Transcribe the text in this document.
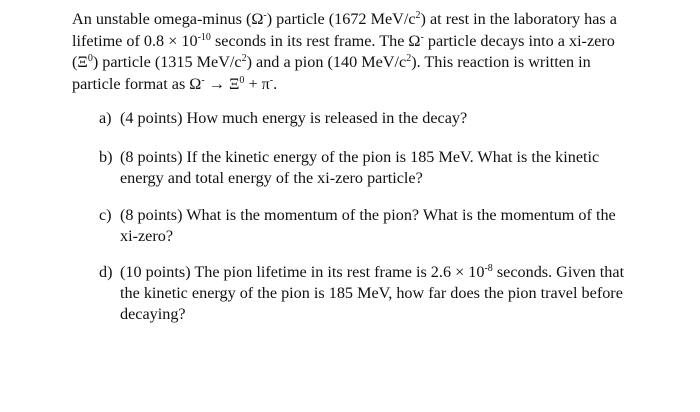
An unstable omega-minus (Ω-) particle (1672 MeV/$c^2$) at rest in the laboratory has a
lifetime of $0.8 \times 10^{-10}$ seconds in its rest frame. The Ω- particle decays into a xi-zero
$(\Xi^0)$ particle (1315 MeV/$c^2$) and a pion (140 MeV/$c^2$). This reaction is written in
particle format as $\Omega^- \to \Xi^0 + \pi^-$.
a) (4 points) How much energy is released in the decay?
b) (8 points) If the kinetic energy of the pion is 185 MeV. What is the kinetic
energy and total energy of the xi-zero particle?
c) (8 points) What is the momentum of the pion? What is the momentum of the
xi-zero?
d) (10 points) The pion lifetime in its rest frame is $2.6 \times 10^{-8}$ seconds. Given that
the kinetic energy of the pion is 185 MeV, how far does the pion travel before
decaying?
